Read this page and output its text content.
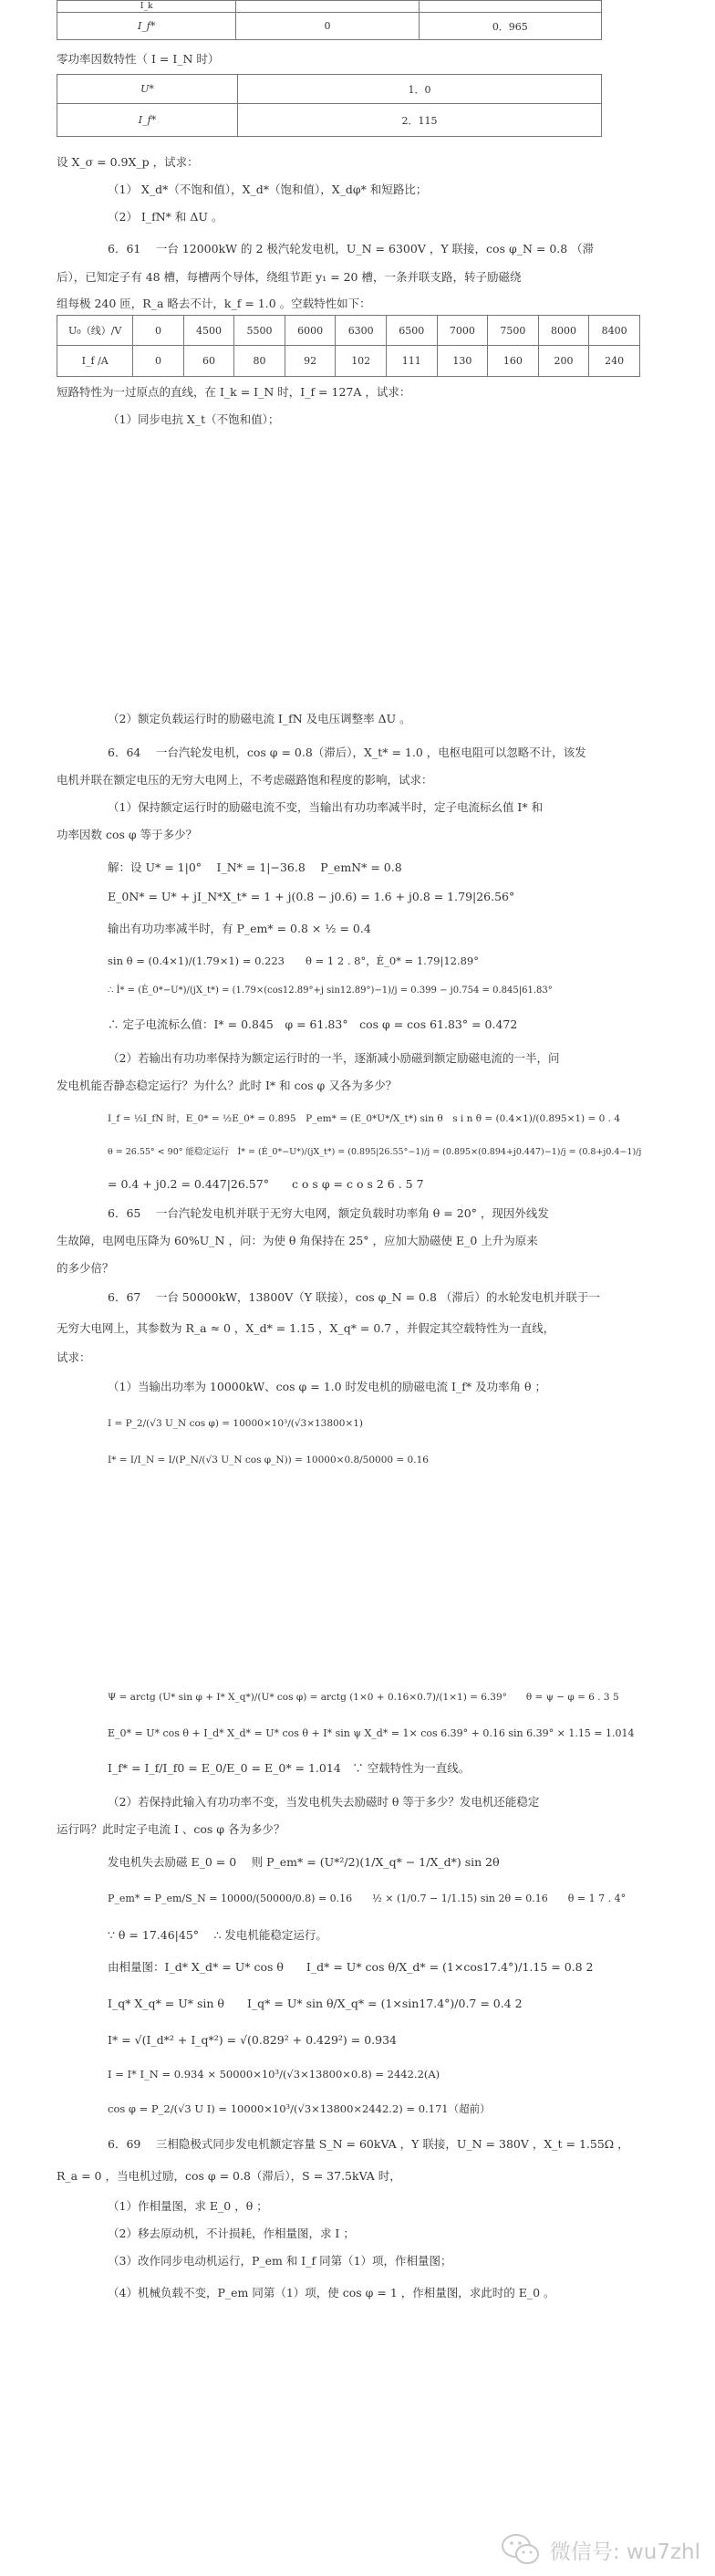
I_k		
I_f*	0	0．965
零功率因数特性（ I = I_N 时）
U*	1．0
I_f*	2．115
设 X_σ = 0.9X_p ，试求：
（1） X_d*（不饱和值），X_d*（饱和值），X_dφ* 和短路比；
（2） I_fN* 和 ΔU 。
6．61 　一台 12000kW 的 2 极汽轮发电机，U_N = 6300V ，Y 联接，cos φ_N = 0.8 （滞
后），已知定子有 48 槽，每槽两个导体，绕组节距 y₁ = 20 槽，一条并联支路，转子励磁绕
组每极 240 匝，R_a 略去不计，k_f = 1.0 。空载特性如下：
U₀（线）/V	0	4500	5500	6000	6300	6500	7000	7500	8000	8400
I_f /A	0	60	80	92	102	111	130	160	200	240
短路特性为一过原点的直线，在 I_k = I_N 时，I_f = 127A ，试求：
（1）同步电抗 X_t（不饱和值）；
（2）额定负载运行时的励磁电流 I_fN 及电压调整率 ΔU 。
6．64 　一台汽轮发电机，cos φ = 0.8（滞后），X_t* = 1.0 ，电枢电阻可以忽略不计，该发
电机并联在额定电压的无穷大电网上，不考虑磁路饱和程度的影响，试求：
（1）保持额定运行时的励磁电流不变，当输出有功功率减半时，定子电流标幺值 I* 和
功率因数 cos φ 等于多少？
解：设 U* = 1|0°　 I_N* = 1|−36.8　 P_emN* = 0.8
E_0N* = U* + jI_N*X_t* = 1 + j(0.8 − j0.6) = 1.6 + j0.8 = 1.79|26.56°
输出有功功率减半时，有 P_em* = 0.8 × ½ = 0.4
sin θ = (0.4×1)/(1.79×1) = 0.223　　θ = 1 2 . 8°，Ė_0* = 1.79|12.89°
∴ İ* = (Ė_0*−U*)/(jX_t*) = (1.79×(cos12.89°+j sin12.89°)−1)/j = 0.399 − j0.754 = 0.845|61.83°
∴ 定子电流标么值：I* = 0.845　φ = 61.83°　cos φ = cos 61.83° = 0.472
（2）若输出有功功率保持为额定运行时的一半，逐渐减小励磁到额定励磁电流的一半，问
发电机能否静态稳定运行？为什么？此时 I* 和 cos φ 又各为多少？
I_f = ½I_fN 时，E_0* = ½E_0* = 0.895　P_em* = (E_0*U*/X_t*) sin θ　s i n θ = (0.4×1)/(0.895×1) = 0 . 4
θ = 26.55° < 90° 能稳定运行　İ* = (Ė_0*−U*)/(jX_t*) = (0.895|26.55°−1)/j = (0.895×(0.894+j0.447)−1)/j = (0.8+j0.4−1)/j
= 0.4 + j0.2 = 0.447|26.57°　　c o s φ = c o s 2 6 . 5 7
6．65 　一台汽轮发电机并联于无穷大电网，额定负载时功率角 θ = 20° ，现因外线发
生故障，电网电压降为 60%U_N ，问：为使 θ 角保持在 25° ，应加大励磁使 E_0 上升为原来
的多少倍？
6．67 　一台 50000kW，13800V（Y 联接），cos φ_N = 0.8 （滞后）的水轮发电机并联于一
无穷大电网上，其参数为 R_a ≈ 0 ，X_d* = 1.15 ，X_q* = 0.7 ，并假定其空载特性为一直线，
试求：
（1）当输出功率为 10000kW、cos φ = 1.0 时发电机的励磁电流 I_f* 及功率角 θ ；
I = P_2/(√3 U_N cos φ) = 10000×10³/(√3×13800×1)
I* = I/I_N = I/(P_N/(√3 U_N cos φ_N)) = 10000×0.8/50000 = 0.16
Ψ = arctg (U* sin φ + I* X_q*)/(U* cos φ) = arctg (1×0 + 0.16×0.7)/(1×1) = 6.39°　　θ = ψ − φ = 6 . 3 5
E_0* = U* cos θ + I_d* X_d* = U* cos θ + I* sin ψ X_d* = 1× cos 6.39° + 0.16 sin 6.39° × 1.15 = 1.014
I_f* = I_f/I_f0 = E_0/E_0 = E_0* = 1.014　∵ 空载特性为一直线。
（2）若保持此输入有功功率不变，当发电机失去励磁时 θ 等于多少？发电机还能稳定
运行吗？此时定子电流 I 、cos φ 各为多少？
发电机失去励磁 E_0 = 0 　则 P_em* = (U*²/2)(1/X_q* − 1/X_d*) sin 2θ
P_em* = P_em/S_N = 10000/(50000/0.8) = 0.16　　½ × (1/0.7 − 1/1.15) sin 2θ = 0.16　　θ = 1 7 . 4°
∵ θ = 17.46|45°　 ∴ 发电机能稳定运行。
由相量图：I_d* X_d* = U* cos θ　　I_d* = U* cos θ/X_d* = (1×cos17.4°)/1.15 = 0.8 2
I_q* X_q* = U* sin θ　　I_q* = U* sin θ/X_q* = (1×sin17.4°)/0.7 = 0.4 2
I* = √(I_d*² + I_q*²) = √(0.829² + 0.429²) = 0.934
I = I* I_N = 0.934 × 50000×10³/(√3×13800×0.8) = 2442.2(A)
cos φ = P_2/(√3 U I) = 10000×10³/(√3×13800×2442.2) = 0.171（超前）
6．69 　三相隐极式同步发电机额定容量 S_N = 60kVA ，Y 联接，U_N = 380V ，X_t = 1.55Ω ，
R_a = 0 ，当电机过励，cos φ = 0.8（滞后），S = 37.5kVA 时，
（1）作相量图，求 E_0 ，θ ；
（2）移去原动机，不计损耗，作相量图，求 I ；
（3）改作同步电动机运行，P_em 和 I_f 同第（1）项，作相量图；
（4）机械负载不变，P_em 同第（1）项，使 cos φ = 1 ，作相量图，求此时的 E_0 。
微信号: wu7zhl
